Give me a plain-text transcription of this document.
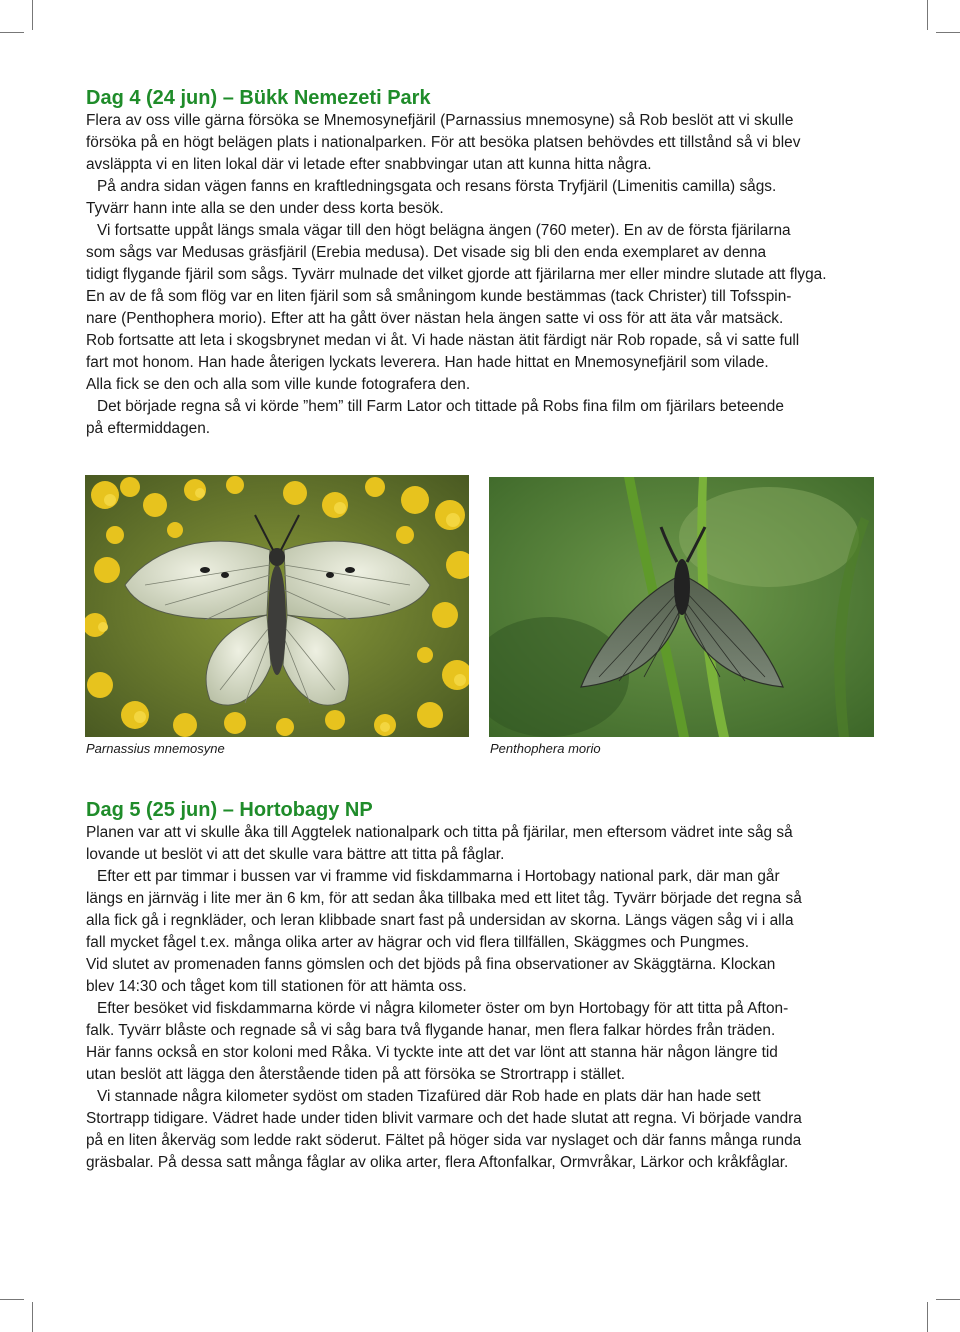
Dag 4 (24 jun) – Bükk Nemezeti Park

Flera av oss ville gärna försöka se Mnemosynefjäril (Parnassius mnemosyne) så Rob beslöt att vi skulle

försöka på en högt belägen plats i nationalparken. För att besöka platsen behövdes ett tillstånd så vi blev

avsläppta vi en liten lokal där vi letade efter snabbvingar utan att kunna hitta några.

På andra sidan vägen fanns en kraftledningsgata och resans första Tryfjäril (Limenitis camilla) sågs.

Tyvärr hann inte alla se den under dess korta besök.

Vi fortsatte uppåt längs smala vägar till den högt belägna ängen (760 meter). En av de första fjärilarna

som sågs var Medusas gräsfjäril (Erebia medusa). Det visade sig bli den enda exemplaret av denna

tidigt flygande fjäril som sågs. Tyvärr mulnade det vilket gjorde att fjärilarna mer eller mindre slutade att flyga.

En av de få som flög var en liten fjäril som så småningom kunde bestämmas (tack Christer) till Tofsspin-

nare (Penthophera morio). Efter att ha gått över nästan hela ängen satte vi oss för att äta vår matsäck.

Rob fortsatte att leta i skogsbrynet medan vi åt. Vi hade nästan ätit färdigt när Rob ropade, så vi satte full

fart mot honom. Han hade återigen lyckats leverera. Han hade hittat en Mnemosynefjäril som vilade.

Alla fick se den och alla som ville kunde fotografera den.

Det började regna så vi körde ”hem” till Farm Lator och tittade på Robs fina film om fjärilars beteende

på eftermiddagen.

Parnassius mnemosyne	Penthophera morio
Dag 5 (25 jun) – Hortobagy NP

Planen var att vi skulle åka till Aggtelek nationalpark och titta på fjärilar, men eftersom vädret inte såg så

lovande ut beslöt vi att det skulle vara bättre att titta på fåglar.

Efter ett par timmar i bussen var vi framme vid fiskdammarna i Hortobagy national park, där man går

längs en järnväg i lite mer än 6 km, för att sedan åka tillbaka med ett litet tåg. Tyvärr började det regna så

alla fick gå i regnkläder, och leran klibbade snart fast på undersidan av skorna. Längs vägen såg vi i alla

fall mycket fågel t.ex. många olika arter av hägrar och vid flera tillfällen, Skäggmes och Pungmes.

Vid slutet av promenaden fanns gömslen och det bjöds på fina observationer av Skäggtärna. Klockan

blev 14:30 och tåget kom till stationen för att hämta oss.

Efter besöket vid fiskdammarna körde vi några kilometer öster om byn Hortobagy för att titta på Afton-

falk. Tyvärr blåste och regnade så vi såg bara två flygande hanar, men flera falkar hördes från träden.

Här fanns också en stor koloni med Råka. Vi tyckte inte att det var lönt att stanna här någon längre tid

utan beslöt att lägga den återstående tiden på att försöka se Strortrapp i stället.

Vi stannade några kilometer sydöst om staden Tizafüred där Rob hade en plats där han hade sett

Stortrapp tidigare. Vädret hade under tiden blivit varmare och det hade slutat att regna. Vi började vandra

på en liten åkerväg som ledde rakt söderut. Fältet på höger sida var nyslaget och där fanns många runda

gräsbalar. På dessa satt många fåglar av olika arter, flera Aftonfalkar, Ormvråkar, Lärkor och kråkfåglar.
